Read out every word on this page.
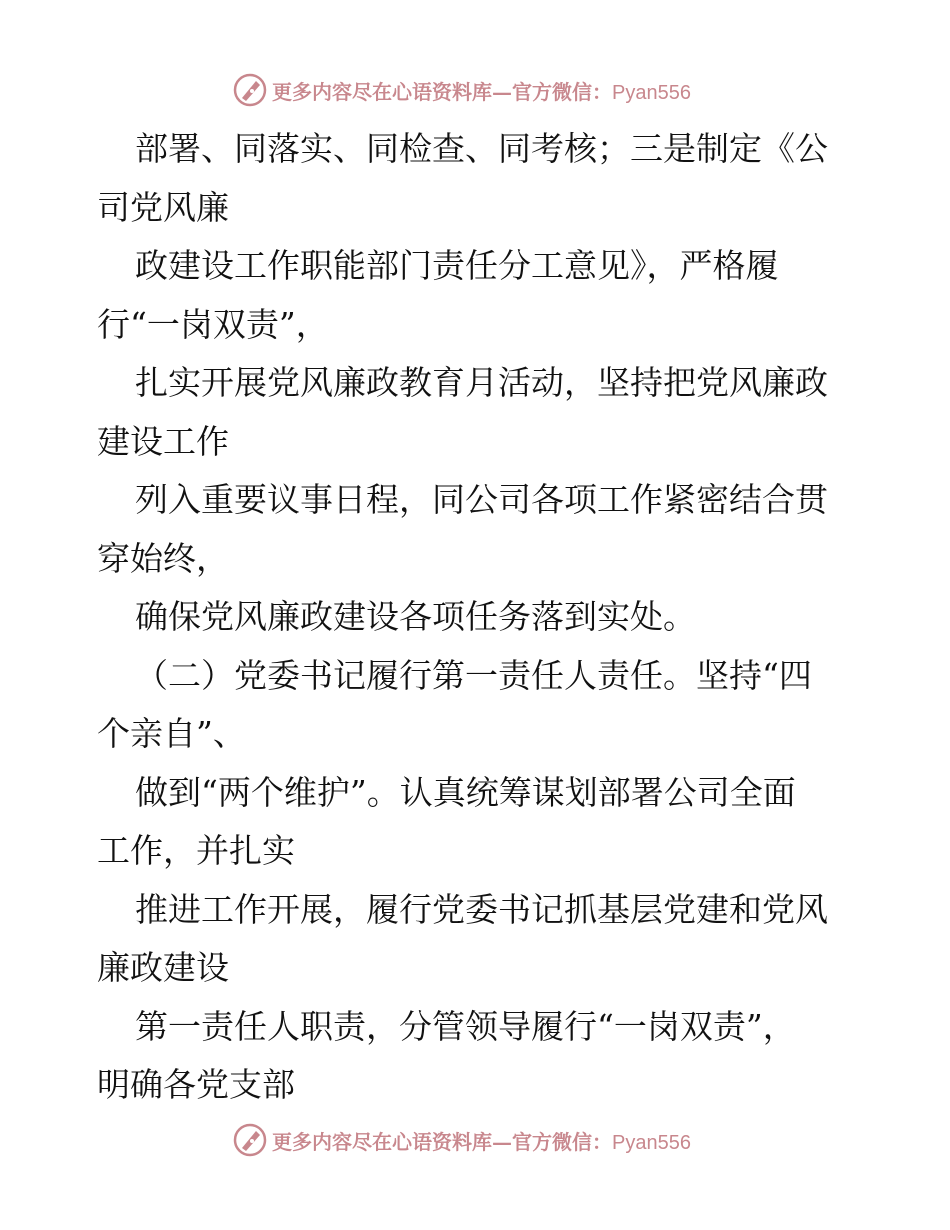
更多内容尽在心语资料库—官方微信：Pyan556
部署、同落实、同检查、同考核；三是制定《公
司党风廉
政建设工作职能部门责任分工意见》，严格履
行“一岗双责”，
扎实开展党风廉政教育月活动，坚持把党风廉政
建设工作
列入重要议事日程，同公司各项工作紧密结合贯
穿始终，
确保党风廉政建设各项任务落到实处。
（二）党委书记履行第一责任人责任。坚持“四
个亲自”、
做到“两个维护”。认真统筹谋划部署公司全面
工作，并扎实
推进工作开展，履行党委书记抓基层党建和党风
廉政建设
第一责任人职责，分管领导履行“一岗双责”，
明确各党支部
更多内容尽在心语资料库—官方微信：Pyan556
